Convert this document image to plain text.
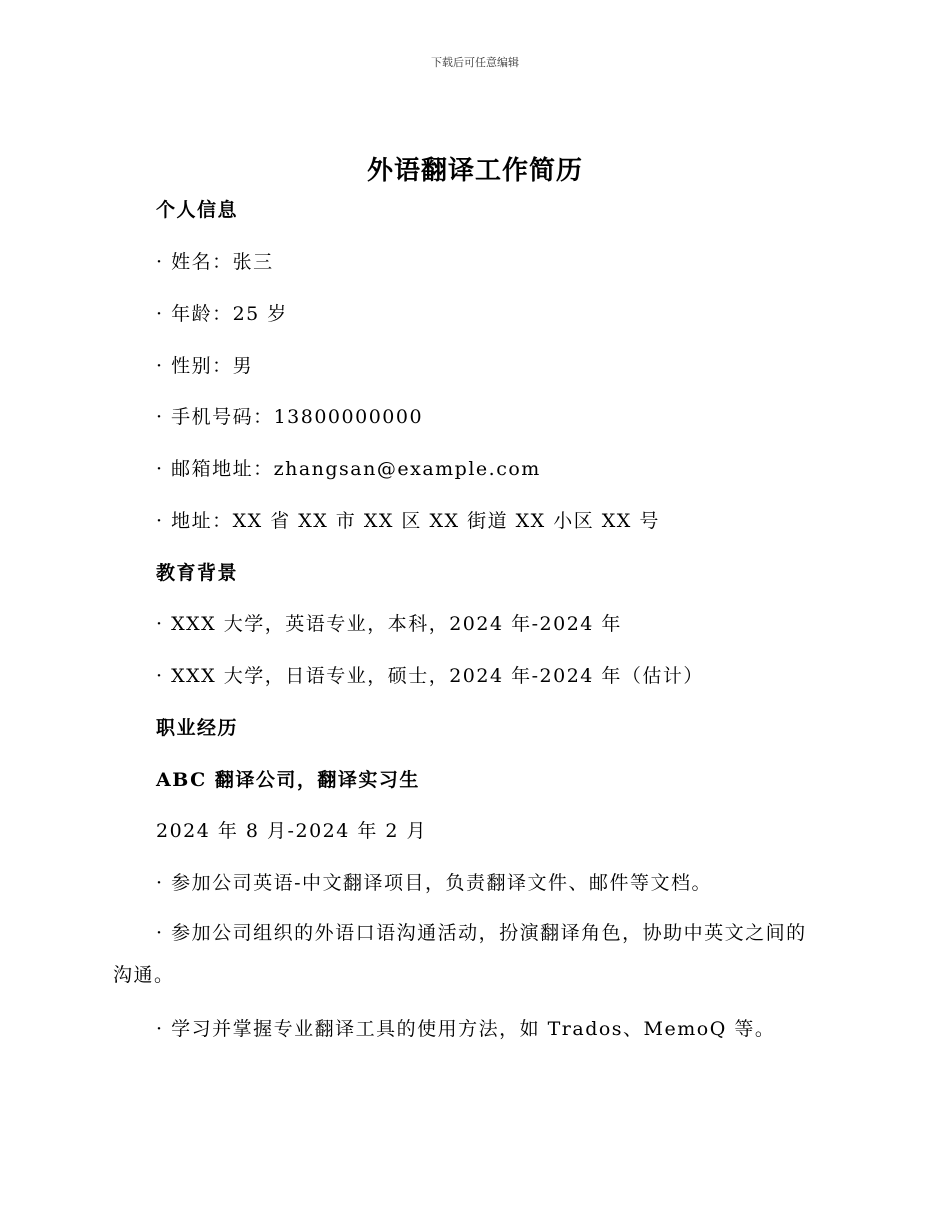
下载后可任意编辑
外语翻译工作简历
个人信息
· 姓名：张三
· 年龄：25 岁
· 性别：男
· 手机号码：13800000000
· 邮箱地址：zhangsan@example.com
· 地址：XX 省 XX 市 XX 区 XX 街道 XX 小区 XX 号
教育背景
· XXX 大学，英语专业，本科，2024 年-2024 年
· XXX 大学，日语专业，硕士，2024 年-2024 年（估计）
职业经历
ABC 翻译公司，翻译实习生
2024 年 8 月-2024 年 2 月
· 参加公司英语-中文翻译项目，负责翻译文件、邮件等文档。
· 参加公司组织的外语口语沟通活动，扮演翻译角色，协助中英文之间的沟通。
· 学习并掌握专业翻译工具的使用方法，如 Trados、MemoQ 等。
